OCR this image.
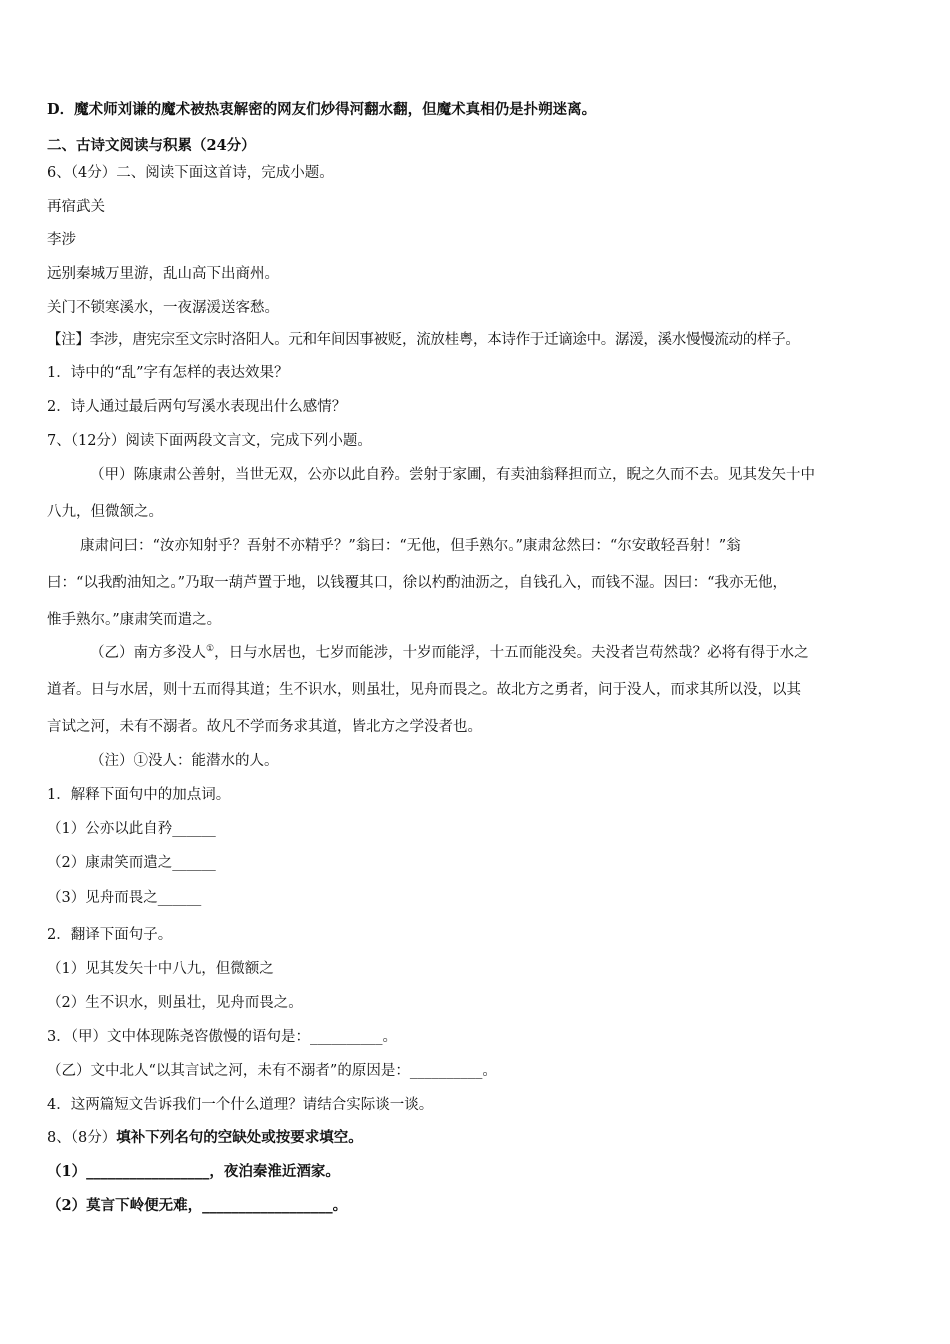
D．魔术师刘谦的魔术被热衷解密的网友们炒得河翻水翻，但魔术真相仍是扑朔迷离。
二、古诗文阅读与积累（24分）
6、（4分）二、阅读下面这首诗，完成小题。
再宿武关
李涉
远别秦城万里游，乱山高下出商州。
关门不锁寒溪水，一夜潺湲送客愁。
【注】李涉，唐宪宗至文宗时洛阳人。元和年间因事被贬，流放桂粤，本诗作于迁谪途中。潺湲，溪水慢慢流动的样子。
1．诗中的“乱”字有怎样的表达效果？
2．诗人通过最后两句写溪水表现出什么感情？
7、（12分）阅读下面两段文言文，完成下列小题。
（甲）陈康肃公善射，当世无双，公亦以此自矜。尝射于家圃，有卖油翁释担而立，睨之久而不去。见其发矢十中
八九，但微颔之。
康肃问曰：“汝亦知射乎？吾射不亦精乎？”翁曰：“无他，但手熟尔。”康肃忿然曰：“尔安敢轻吾射！”翁
曰：“以我酌油知之。”乃取一葫芦置于地，以钱覆其口，徐以杓酌油沥之，自钱孔入，而钱不湿。因曰：“我亦无他，
惟手熟尔。”康肃笑而遣之。
（乙）南方多没人①，日与水居也，七岁而能涉，十岁而能浮，十五而能没矣。夫没者岂苟然哉？必将有得于水之
道者。日与水居，则十五而得其道；生不识水，则虽壮，见舟而畏之。故北方之勇者，问于没人，而求其所以没，以其
言试之河，未有不溺者。故凡不学而务求其道，皆北方之学没者也。
（注）①没人：能潜水的人。
1．解释下面句中的加点词。
（1）公亦以此自矜______
（2）康肃笑而遣之______
（3）见舟而畏之______
2．翻译下面句子。
（1）见其发矢十中八九，但微额之
（2）生不识水，则虽壮，见舟而畏之。
3．（甲）文中体现陈尧咨傲慢的语句是：__________。
（乙）文中北人“以其言试之河，未有不溺者”的原因是：__________。
4．这两篇短文告诉我们一个什么道理？请结合实际谈一谈。
8、（8分）填补下列名句的空缺处或按要求填空。
（1）_________________，夜泊秦淮近酒家。
（2）莫言下岭便无难，__________________。
